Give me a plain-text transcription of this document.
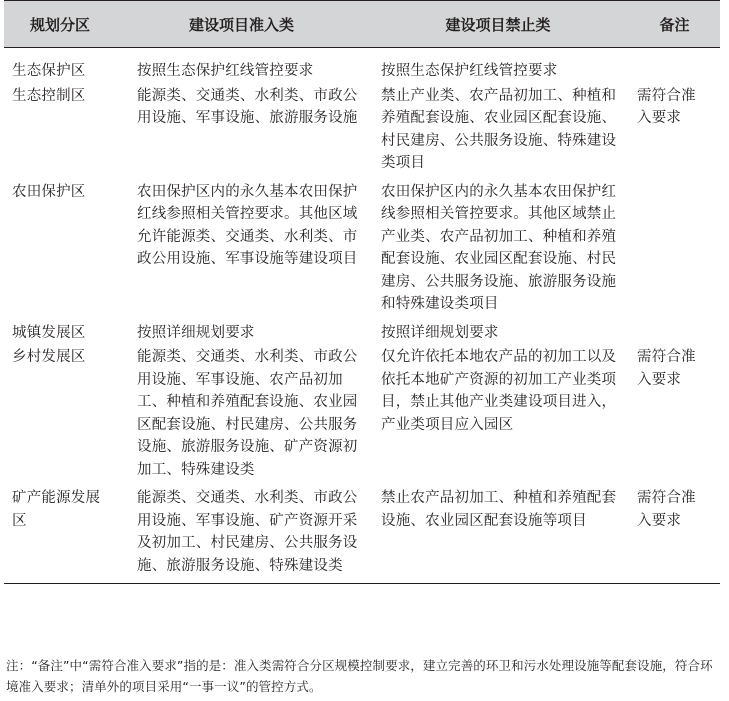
规划分区	建设项目准入类	建设项目禁止类	备注
生态保护区	按照生态保护红线管控要求	按照生态保护红线管控要求	
生态控制区	能源类、交通类、水利类、市政公用设施、军事设施、旅游服务设施	禁止产业类、农产品初加工、种植和养殖配套设施、农业园区配套设施、村民建房、公共服务设施、特殊建设类项目	需符合准入要求
农田保护区	农田保护区内的永久基本农田保护红线参照相关管控要求。其他区域允许能源类、交通类、水利类、市政公用设施、军事设施等建设项目	农田保护区内的永久基本农田保护红线参照相关管控要求。其他区域禁止产业类、农产品初加工、种植和养殖配套设施、农业园区配套设施、村民建房、公共服务设施、旅游服务设施和特殊建设类项目	
城镇发展区	按照详细规划要求	按照详细规划要求	
乡村发展区	能源类、交通类、水利类、市政公用设施、军事设施、农产品初加工、种植和养殖配套设施、农业园区配套设施、村民建房、公共服务设施、旅游服务设施、矿产资源初加工、特殊建设类	仅允许依托本地农产品的初加工以及依托本地矿产资源的初加工产业类项目，禁止其他产业类建设项目进入，产业类项目应入园区	需符合准入要求
矿产能源发展区	能源类、交通类、水利类、市政公用设施、军事设施、矿产资源开采及初加工、村民建房、公共服务设施、旅游服务设施、特殊建设类	禁止农产品初加工、种植和养殖配套设施、农业园区配套设施等项目	需符合准入要求
注：“备注”中“需符合准入要求”指的是：准入类需符合分区规模控制要求，建立完善的环卫和污水处理设施等配套设施，符合环境准入要求；清单外的项目采用“一事一议”的管控方式。
